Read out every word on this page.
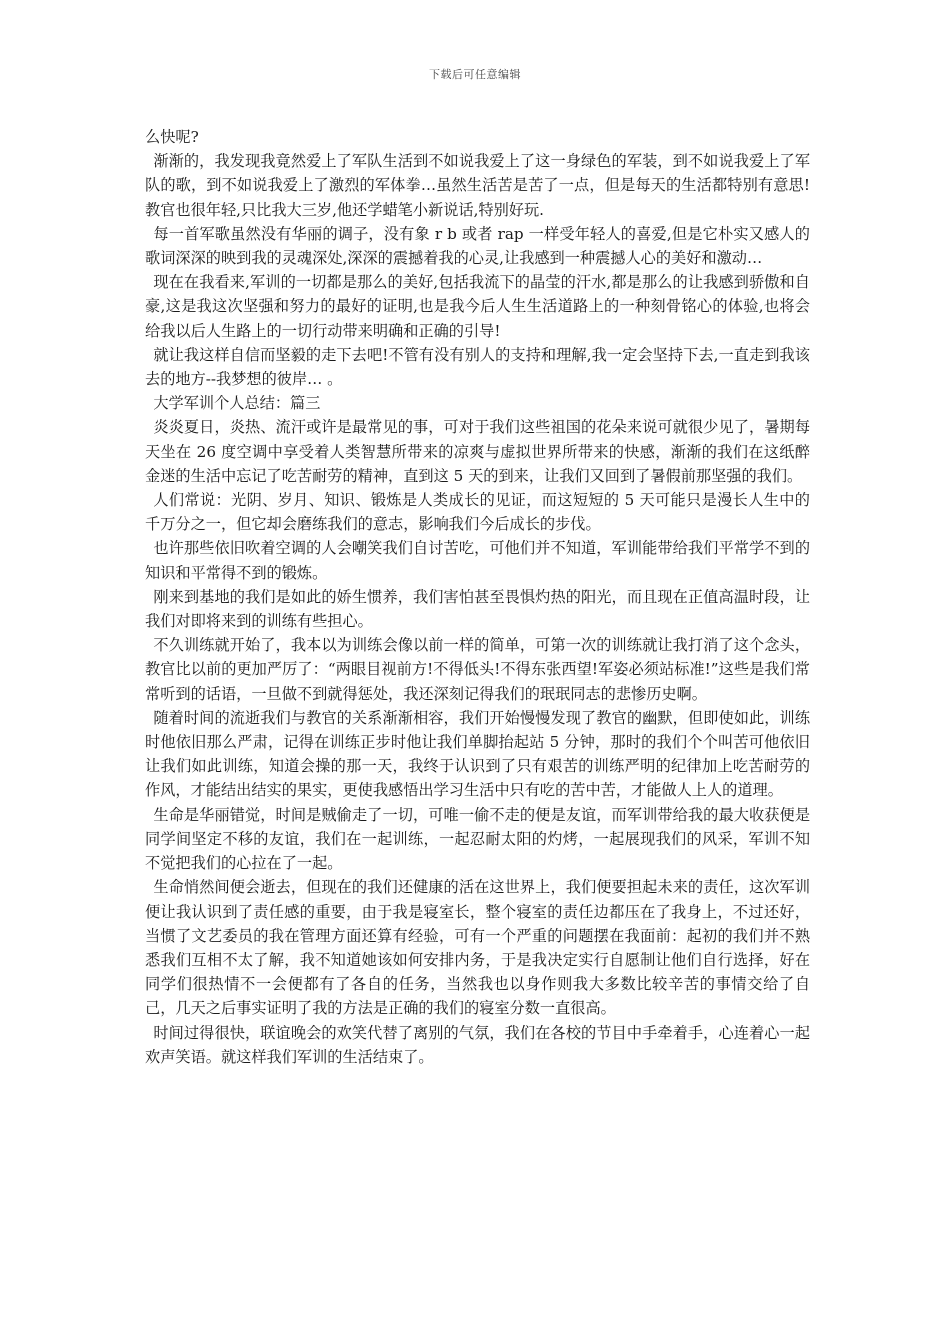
下载后可任意编辑

么快呢?

渐渐的，我发现我竟然爱上了军队生活到不如说我爱上了这一身绿色的军装，到不如说我爱上了军队的歌，到不如说我爱上了激烈的军体拳…虽然生活苦是苦了一点，但是每天的生活都特别有意思!教官也很年轻,只比我大三岁,他还学蜡笔小新说话,特别好玩.

每一首军歌虽然没有华丽的调子，没有象 r b 或者 rap 一样受年轻人的喜爱,但是它朴实又感人的歌词深深的映到我的灵魂深处,深深的震撼着我的心灵,让我感到一种震撼人心的美好和激动…

现在在我看来,军训的一切都是那么的美好,包括我流下的晶莹的汗水,都是那么的让我感到骄傲和自豪,这是我这次坚强和努力的最好的证明,也是我今后人生生活道路上的一种刻骨铭心的体验,也将会给我以后人生路上的一切行动带来明确和正确的引导!

就让我这样自信而坚毅的走下去吧!不管有没有别人的支持和理解,我一定会坚持下去,一直走到我该去的地方--我梦想的彼岸… 。

大学军训个人总结：篇三

炎炎夏日，炎热、流汗或许是最常见的事，可对于我们这些祖国的花朵来说可就很少见了，暑期每天坐在 26 度空调中享受着人类智慧所带来的凉爽与虚拟世界所带来的快感，渐渐的我们在这纸醉金迷的生活中忘记了吃苦耐劳的精神，直到这 5 天的到来，让我们又回到了暑假前那坚强的我们。

人们常说：光阴、岁月、知识、锻炼是人类成长的见证，而这短短的 5 天可能只是漫长人生中的千万分之一，但它却会磨练我们的意志，影响我们今后成长的步伐。

也许那些依旧吹着空调的人会嘲笑我们自讨苦吃，可他们并不知道，军训能带给我们平常学不到的知识和平常得不到的锻炼。

刚来到基地的我们是如此的娇生惯养，我们害怕甚至畏惧灼热的阳光，而且现在正值高温时段，让我们对即将来到的训练有些担心。

不久训练就开始了，我本以为训练会像以前一样的简单，可第一次的训练就让我打消了这个念头，教官比以前的更加严厉了：“两眼目视前方!不得低头!不得东张西望!军姿必须站标准!”这些是我们常常听到的话语，一旦做不到就得惩处，我还深刻记得我们的珉珉同志的悲惨历史啊。

随着时间的流逝我们与教官的关系渐渐相容，我们开始慢慢发现了教官的幽默，但即使如此，训练时他依旧那么严肃，记得在训练正步时他让我们单脚抬起站 5 分钟，那时的我们个个叫苦可他依旧让我们如此训练，知道会操的那一天，我终于认识到了只有艰苦的训练严明的纪律加上吃苦耐劳的作风，才能结出结实的果实，更使我感悟出学习生活中只有吃的苦中苦，才能做人上人的道理。

生命是华丽错觉，时间是贼偷走了一切，可唯一偷不走的便是友谊，而军训带给我的最大收获便是同学间坚定不移的友谊，我们在一起训练，一起忍耐太阳的灼烤，一起展现我们的风采，军训不知不觉把我们的心拉在了一起。

生命悄然间便会逝去，但现在的我们还健康的活在这世界上，我们便要担起未来的责任，这次军训便让我认识到了责任感的重要，由于我是寝室长，整个寝室的责任边都压在了我身上，不过还好，当惯了文艺委员的我在管理方面还算有经验，可有一个严重的问题摆在我面前：起初的我们并不熟悉我们互相不太了解，我不知道她该如何安排内务，于是我决定实行自愿制让他们自行选择，好在同学们很热情不一会便都有了各自的任务，当然我也以身作则我大多数比较辛苦的事情交给了自己，几天之后事实证明了我的方法是正确的我们的寝室分数一直很高。

时间过得很快，联谊晚会的欢笑代替了离别的气氛，我们在各校的节目中手牵着手，心连着心一起欢声笑语。就这样我们军训的生活结束了。
